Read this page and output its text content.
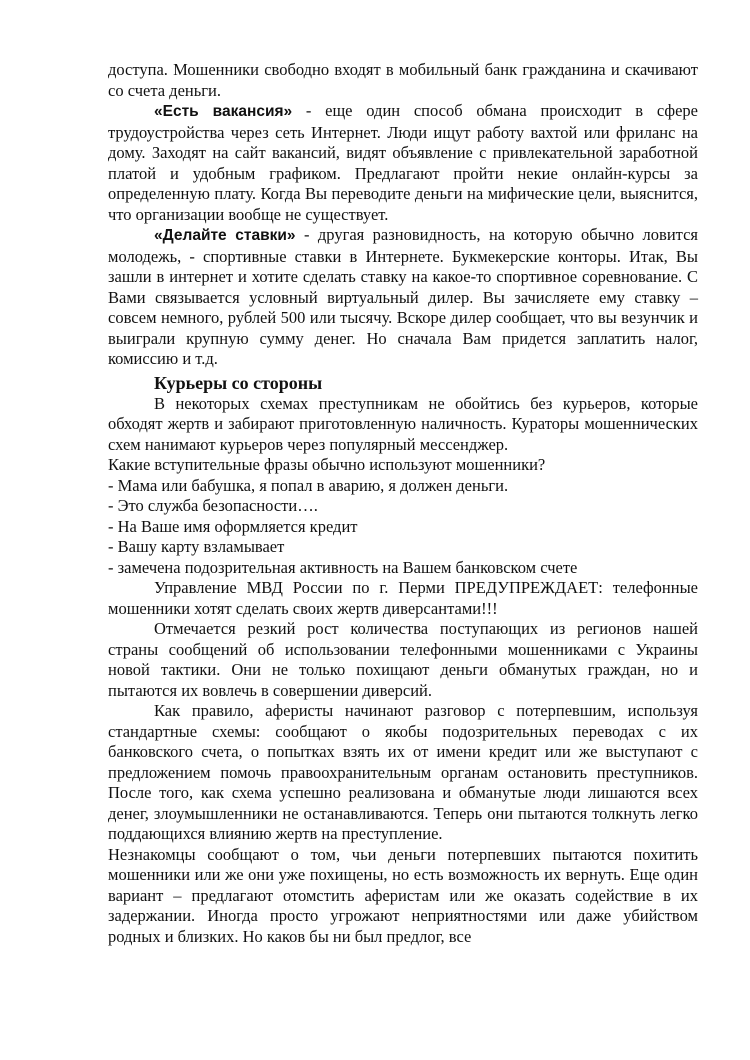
доступа. Мошенники свободно входят в мобильный банк гражданина и скачивают со счета деньги.

«Есть вакансия» - еще один способ обмана происходит в сфере трудоустройства через сеть Интернет. Люди ищут работу вахтой или фриланс на дому. Заходят на сайт вакансий, видят объявление с привлекательной заработной платой и удобным графиком. Предлагают пройти некие онлайн-курсы за определенную плату. Когда Вы переводите деньги на мифические цели, выяснится, что организации вообще не существует.

«Делайте ставки» - другая разновидность, на которую обычно ловится молодежь, - спортивные ставки в Интернете. Букмекерские конторы. Итак, Вы зашли в интернет и хотите сделать ставку на какое-то спортивное соревнование. С Вами связывается условный виртуальный дилер. Вы зачисляете ему ставку – совсем немного, рублей 500 или тысячу. Вскоре дилер сообщает, что вы везунчик и выиграли крупную сумму денег. Но сначала Вам придется заплатить налог, комиссию и т.д.

Курьеры со стороны

В некоторых схемах преступникам не обойтись без курьеров, которые обходят жертв и забирают приготовленную наличность. Кураторы мошеннических схем нанимают курьеров через популярный мессенджер.

Какие вступительные фразы обычно используют мошенники?

- Мама или бабушка, я попал в аварию, я должен деньги.

- Это служба безопасности….

- На Ваше имя оформляется кредит

- Вашу карту взламывает

- замечена подозрительная активность на Вашем банковском счете

Управление МВД России по г. Перми ПРЕДУПРЕЖДАЕТ: телефонные мошенники хотят сделать своих жертв диверсантами!!!

Отмечается резкий рост количества поступающих из регионов нашей страны сообщений об использовании телефонными мошенниками с Украины новой тактики. Они не только похищают деньги обманутых граждан, но и пытаются их вовлечь в совершении диверсий.

Как правило, аферисты начинают разговор с потерпевшим, используя стандартные схемы: сообщают о якобы подозрительных переводах с их банковского счета, о попытках взять их от имени кредит или же выступают с предложением помочь правоохранительным органам остановить преступников. После того, как схема успешно реализована и обманутые люди лишаются всех денег, злоумышленники не останавливаются. Теперь они пытаются толкнуть легко поддающихся влиянию жертв на преступление.

Незнакомцы сообщают о том, чьи деньги потерпевших пытаются похитить мошенники или же они уже похищены, но есть возможность их вернуть. Еще один вариант – предлагают отомстить аферистам или же оказать содействие в их задержании. Иногда просто угрожают неприятностями или даже убийством родных и близких. Но каков бы ни был предлог, все
